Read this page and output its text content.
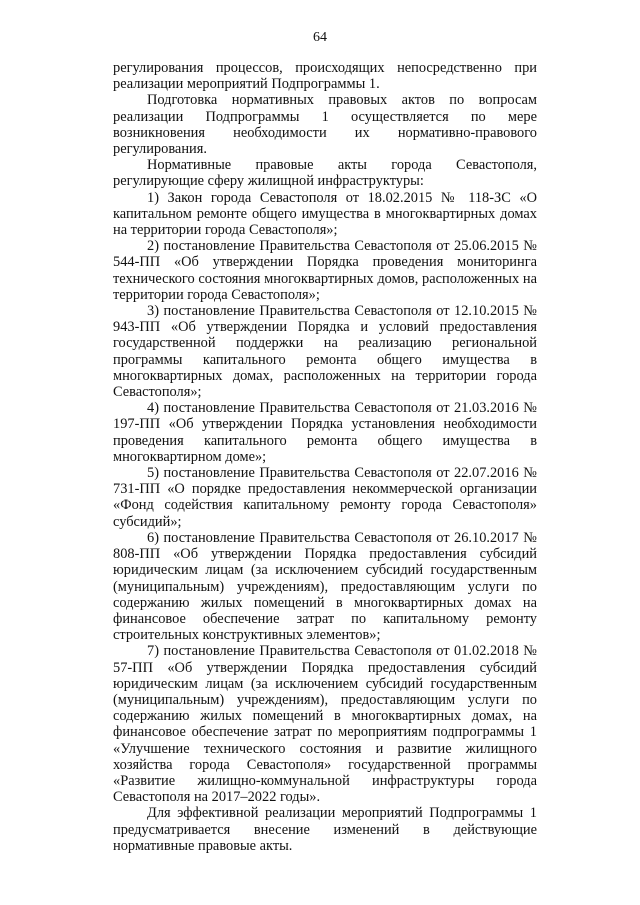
64

регулирования процессов, происходящих непосредственно при реализации мероприятий Подпрограммы 1.

Подготовка нормативных правовых актов по вопросам реализации Подпрограммы 1 осуществляется по мере возникновения необходимости их нормативно-правового регулирования.

Нормативные правовые акты города Севастополя, регулирующие сферу жилищной инфраструктуры:

1) Закон города Севастополя от 18.02.2015 № 118-ЗС «О капитальном ремонте общего имущества в многоквартирных домах на территории города Севастополя»;

2) постановление Правительства Севастополя от 25.06.2015 № 544-ПП «Об утверждении Порядка проведения мониторинга технического состояния многоквартирных домов, расположенных на территории города Севастополя»;

3) постановление Правительства Севастополя от 12.10.2015 № 943-ПП «Об утверждении Порядка и условий предоставления государственной поддержки на реализацию региональной программы капитального ремонта общего имущества в многоквартирных домах, расположенных на территории города Севастополя»;

4) постановление Правительства Севастополя от 21.03.2016 № 197-ПП «Об утверждении Порядка установления необходимости проведения капитального ремонта общего имущества в многоквартирном доме»;

5) постановление Правительства Севастополя от 22.07.2016 № 731-ПП «О порядке предоставления некоммерческой организации «Фонд содействия капитальному ремонту города Севастополя» субсидий»;

6) постановление Правительства Севастополя от 26.10.2017 № 808-ПП «Об утверждении Порядка предоставления субсидий юридическим лицам (за исключением субсидий государственным (муниципальным) учреждениям), предоставляющим услуги по содержанию жилых помещений в многоквартирных домах на финансовое обеспечение затрат по капитальному ремонту строительных конструктивных элементов»;

7) постановление Правительства Севастополя от 01.02.2018 № 57-ПП «Об утверждении Порядка предоставления субсидий юридическим лицам (за исключением субсидий государственным (муниципальным) учреждениям), предоставляющим услуги по содержанию жилых помещений в многоквартирных домах, на финансовое обеспечение затрат по мероприятиям подпрограммы 1 «Улучшение технического состояния и развитие жилищного хозяйства города Севастополя» государственной программы «Развитие жилищно-коммунальной инфраструктуры города Севастополя на 2017–2022 годы».

Для эффективной реализации мероприятий Подпрограммы 1 предусматривается внесение изменений в действующие нормативные правовые акты.
